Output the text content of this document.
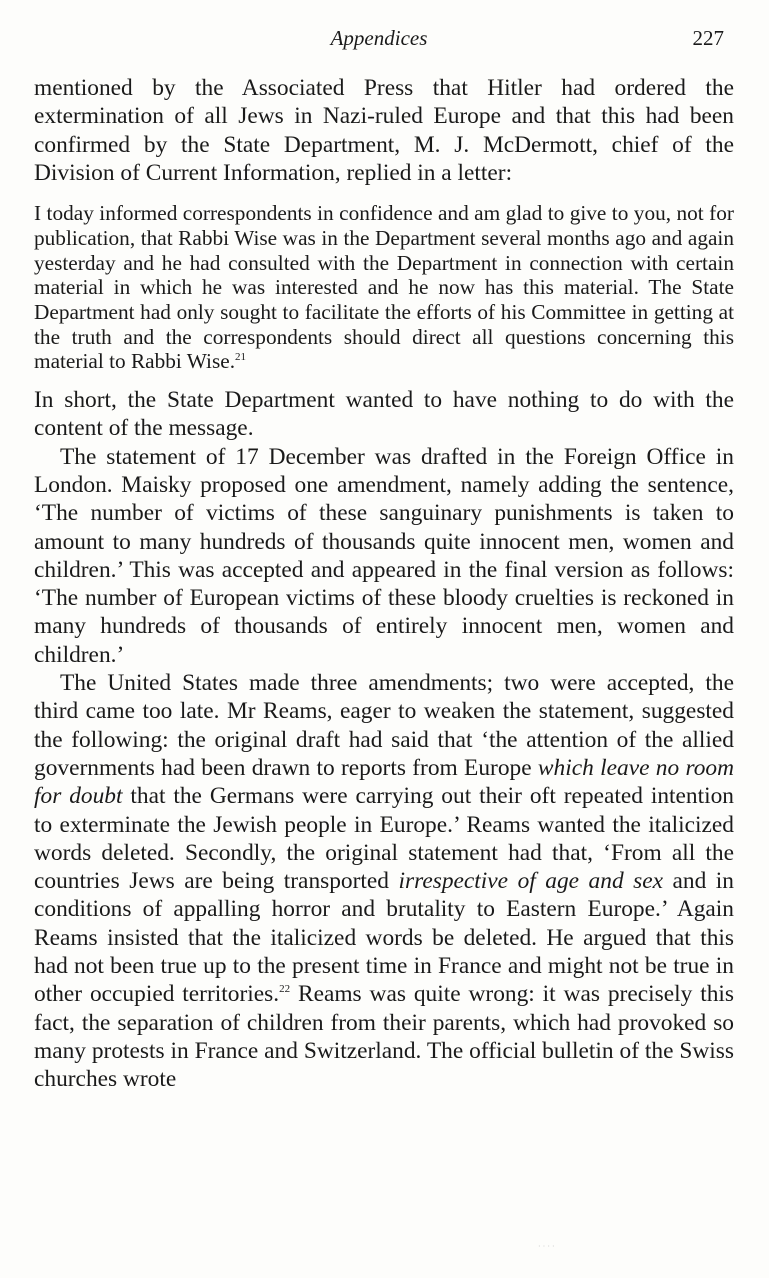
Appendices	227

mentioned by the Associated Press that Hitler had ordered the extermination of all Jews in Nazi-ruled Europe and that this had been confirmed by the State Department, M. J. McDermott, chief of the Division of Current Information, replied in a letter:

I today informed correspondents in confidence and am glad to give to you, not for publication, that Rabbi Wise was in the Department several months ago and again yesterday and he had consulted with the Department in connection with certain material in which he was interested and he now has this material. The State Department had only sought to facilitate the efforts of his Committee in getting at the truth and the correspondents should direct all questions concerning this material to Rabbi Wise.$^{21}$

In short, the State Department wanted to have nothing to do with the content of the message.

The statement of 17 December was drafted in the Foreign Office in London. Maisky proposed one amendment, namely adding the sentence, ‘The number of victims of these sanguinary punishments is taken to amount to many hundreds of thousands quite innocent men, women and children.’ This was accepted and appeared in the final version as follows: ‘The number of European victims of these bloody cruelties is reckoned in many hundreds of thousands of entirely innocent men, women and children.’

The United States made three amendments; two were accepted, the third came too late. Mr Reams, eager to weaken the statement, suggested the following: the original draft had said that ‘the attention of the allied governments had been drawn to reports from Europe which leave no room for doubt that the Germans were carrying out their oft repeated intention to exterminate the Jewish people in Europe.’ Reams wanted the italicized words deleted. Secondly, the original statement had that, ‘From all the countries Jews are being transported irrespective of age and sex and in conditions of appalling horror and brutality to Eastern Europe.’ Again Reams insisted that the italicized words be deleted. He argued that this had not been true up to the present time in France and might not be true in other occupied territories.$^{22}$ Reams was quite wrong: it was precisely this fact, the separation of children from their parents, which had provoked so many protests in France and Switzerland. The official bulletin of the Swiss churches wrote

· · · ·
